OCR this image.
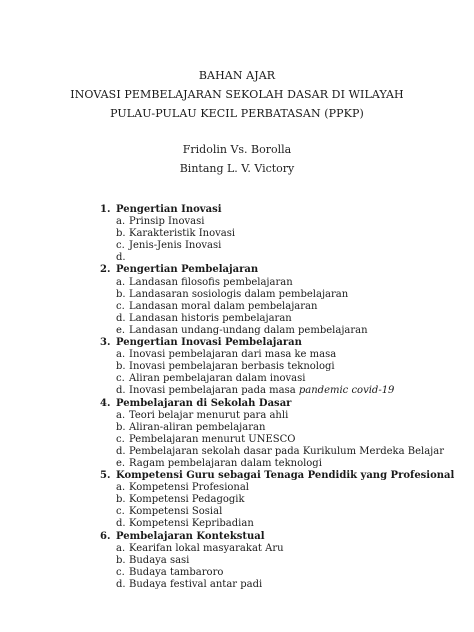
BAHAN AJAR
INOVASI PEMBELAJARAN SEKOLAH DASAR DI WILAYAH
PULAU-PULAU KECIL PERBATASAN (PPKP)
Fridolin Vs. Borolla
Bintang L. V. Victory
1. Pengertian Inovasi
a. Prinsip Inovasi
b. Karakteristik Inovasi
c. Jenis-Jenis Inovasi
d.
2. Pengertian Pembelajaran
a. Landasan filosofis pembelajaran
b. Landasaran sosiologis dalam pembelajaran
c. Landasan moral dalam pembelajaran
d. Landasan historis pembelajaran
e. Landasan undang-undang dalam pembelajaran
3. Pengertian Inovasi Pembelajaran
a. Inovasi pembelajaran dari masa ke masa
b. Inovasi pembelajaran berbasis teknologi
c. Aliran pembelajaran dalam inovasi
d. Inovasi pembelajaran pada masa pandemic covid-19
4. Pembelajaran di Sekolah Dasar
a. Teori belajar menurut para ahli
b. Aliran-aliran pembelajaran
c. Pembelajaran menurut UNESCO
d. Pembelajaran sekolah dasar pada Kurikulum Merdeka Belajar
e. Ragam pembelajaran dalam teknologi
5. Kompetensi Guru sebagai Tenaga Pendidik yang Profesional
a. Kompetensi Profesional
b. Kompetensi Pedagogik
c. Kompetensi Sosial
d. Kompetensi Kepribadian
6. Pembelajaran Kontekstual
a. Kearifan lokal masyarakat Aru
b. Budaya sasi
c. Budaya tambaroro
d. Budaya festival antar padi
